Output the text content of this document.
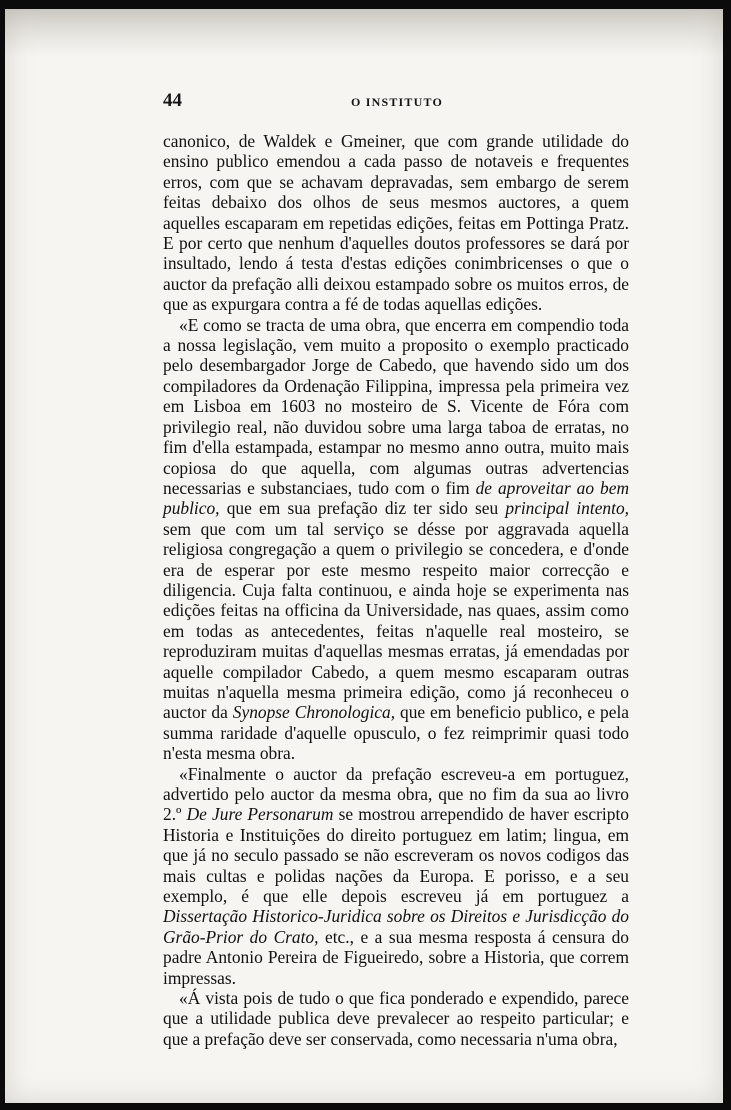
44	O INSTITUTO

canonico, de Waldek e Gmeiner, que com grande utilidade do ensino publico emendou a cada passo de notaveis e frequentes erros, com que se achavam depravadas, sem embargo de serem feitas debaixo dos olhos de seus mesmos auctores, a quem aquelles escaparam em repetidas edições, feitas em Pottinga Pratz. E por certo que nenhum d'aquelles doutos professores se dará por insultado, lendo á testa d'estas edições conimbricenses o que o auctor da prefação alli deixou estampado sobre os muitos erros, de que as expurgara contra a fé de todas aquellas edições.

«E como se tracta de uma obra, que encerra em compendio toda a nossa legislação, vem muito a proposito o exemplo practicado pelo desembargador Jorge de Cabedo, que havendo sido um dos compiladores da Ordenação Filippina, impressa pela primeira vez em Lisboa em 1603 no mosteiro de S. Vicente de Fóra com privilegio real, não duvidou sobre uma larga taboa de erratas, no fim d'ella estampada, estampar no mesmo anno outra, muito mais copiosa do que aquella, com algumas outras advertencias necessarias e substanciaes, tudo com o fim de aproveitar ao bem publico, que em sua prefação diz ter sido seu principal intento, sem que com um tal serviço se désse por aggravada aquella religiosa congregação a quem o privilegio se concedera, e d'onde era de esperar por este mesmo respeito maior correcção e diligencia. Cuja falta continuou, e ainda hoje se experimenta nas edições feitas na officina da Universidade, nas quaes, assim como em todas as antecedentes, feitas n'aquelle real mosteiro, se reproduziram muitas d'aquellas mesmas erratas, já emendadas por aquelle compilador Cabedo, a quem mesmo escaparam outras muitas n'aquella mesma primeira edição, como já reconheceu o auctor da Synopse Chronologica, que em beneficio publico, e pela summa raridade d'aquelle opusculo, o fez reimprimir quasi todo n'esta mesma obra.

«Finalmente o auctor da prefação escreveu-a em portuguez, advertido pelo auctor da mesma obra, que no fim da sua ao livro 2.º De Jure Personarum se mostrou arrependido de haver escripto Historia e Instituições do direito portuguez em latim; lingua, em que já no seculo passado se não escreveram os novos codigos das mais cultas e polidas nações da Europa. E porisso, e a seu exemplo, é que elle depois escreveu já em portuguez a Dissertação Historico-Juridica sobre os Direitos e Jurisdicção do Grão-Prior do Crato, etc., e a sua mesma resposta á censura do padre Antonio Pereira de Figueiredo, sobre a Historia, que correm impressas.

«Á vista pois de tudo o que fica ponderado e expendido, parece que a utilidade publica deve prevalecer ao respeito particular; e que a prefação deve ser conservada, como necessaria n'uma obra,
